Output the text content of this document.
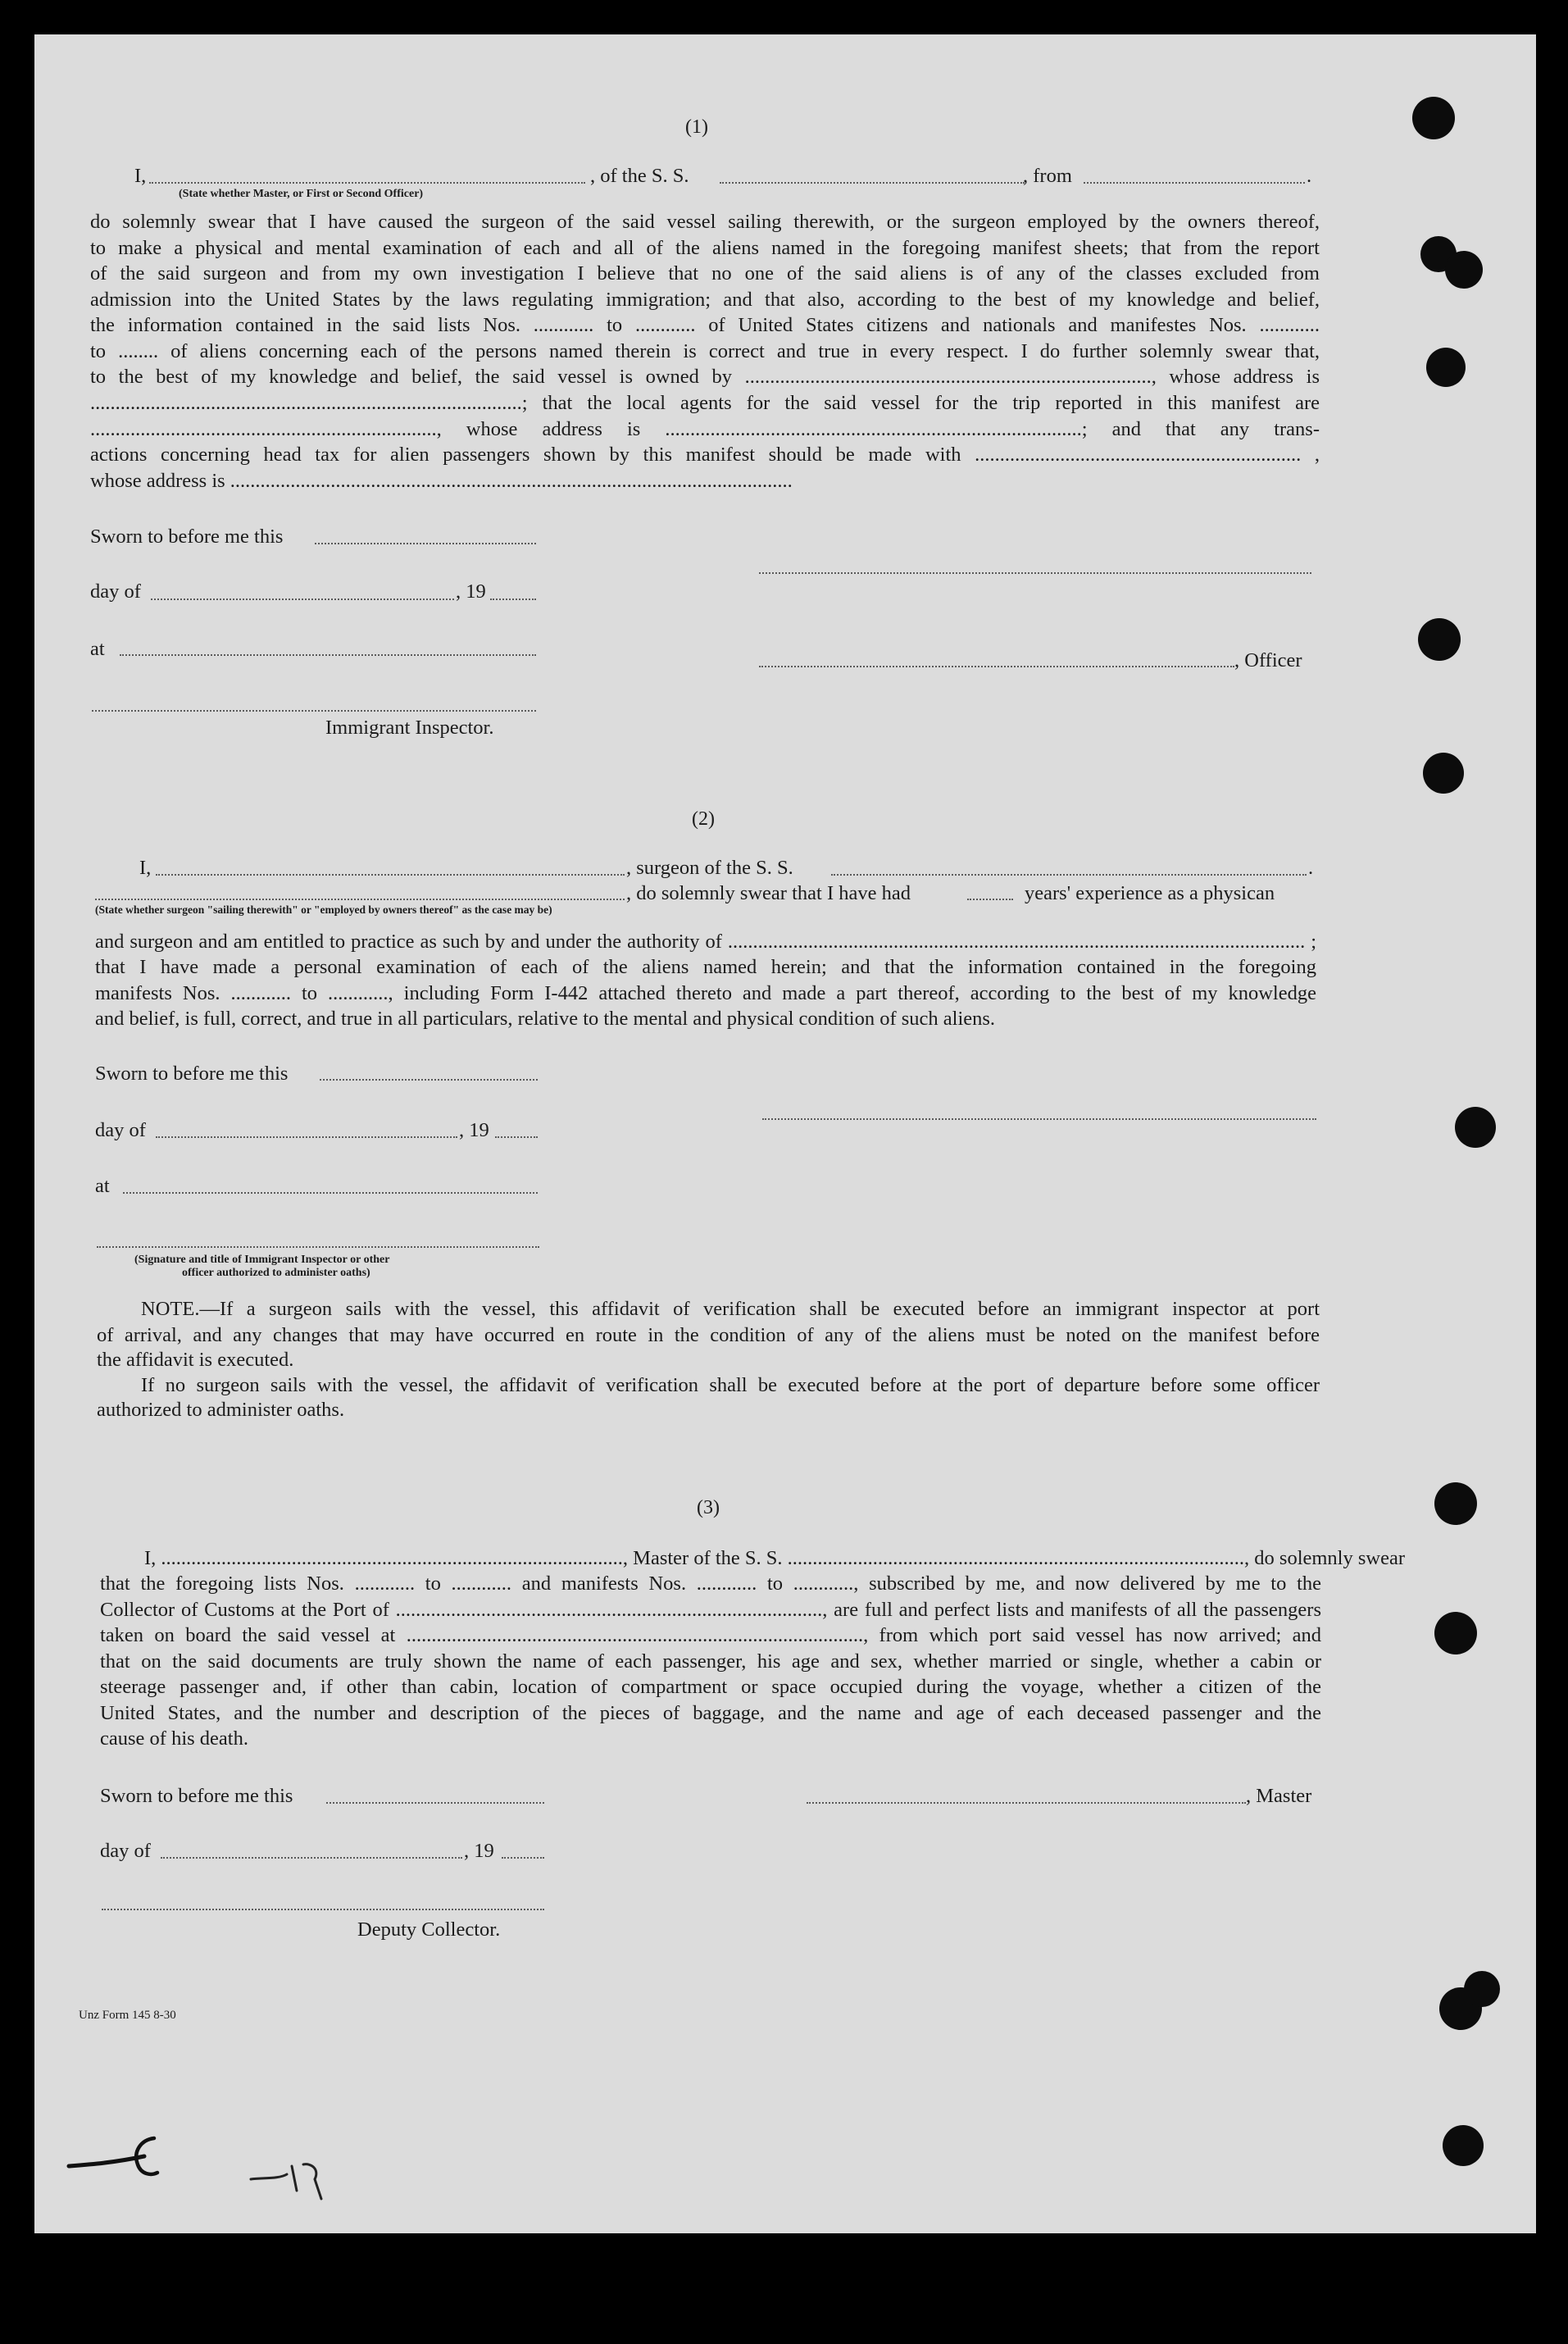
(1)
I,	, of the S. S.	, from	.
(State whether Master, or First or Second Officer)
do solemnly swear that I have caused the surgeon of the said vessel sailing therewith, or the surgeon employed by the owners thereof,
to make a physical and mental examination of each and all of the aliens named in the foregoing manifest sheets; that from the report
of the said surgeon and from my own investigation I believe that no one of the said aliens is of any of the classes excluded from
admission into the United States by the laws regulating immigration; and that also, according to the best of my knowledge and belief,
the information contained in the said lists Nos. ............ to ............ of United States citizens and nationals and manifestes Nos. ............
to ........ of aliens concerning each of the persons named therein is correct and true in every respect. I do further solemnly swear that,
to the best of my knowledge and belief, the said vessel is owned by ................................................................................., whose address is
......................................................................................; that the local agents for the said vessel for the trip reported in this manifest are
....................................................................., whose address is ...................................................................................; and that any trans-
actions concerning head tax for alien passengers shown by this manifest should be made with ................................................................. ,
whose address is ................................................................................................................
Sworn to before me this
day of	, 19
at
, Officer
Immigrant Inspector.
(2)
I,	, surgeon of the S. S.	.
, do solemnly swear that I have had	years' experience as a physican
(State whether surgeon "sailing therewith" or "employed by owners thereof" as the case may be)
and surgeon and am entitled to practice as such by and under the authority of ................................................................................................................... ;
that I have made a personal examination of each of the aliens named herein; and that the information contained in the foregoing
manifests Nos. ............ to ............, including Form I-442 attached thereto and made a part thereof, according to the best of my knowledge
and belief, is full, correct, and true in all particulars, relative to the mental and physical condition of such aliens.
Sworn to before me this
day of	, 19
at
(Signature and title of Immigrant Inspector or other
officer authorized to administer oaths)
NOTE.—If a surgeon sails with the vessel, this affidavit of verification shall be executed before an immigrant inspector at port
of arrival, and any changes that may have occurred en route in the condition of any of the aliens must be noted on the manifest before
the affidavit is executed.
If no surgeon sails with the vessel, the affidavit of verification shall be executed before at the port of departure before some officer
authorized to administer oaths.
(3)
I, ............................................................................................, Master of the S. S. ..........................................................................................., do solemnly swear
that the foregoing lists Nos. ............ to ............ and manifests Nos. ............ to ............, subscribed by me, and now delivered by me to the
Collector of Customs at the Port of ....................................................................................., are full and perfect lists and manifests of all the passengers
taken on board the said vessel at ..........................................................................................., from which port said vessel has now arrived; and
that on the said documents are truly shown the name of each passenger, his age and sex, whether married or single, whether a cabin or
steerage passenger and, if other than cabin, location of compartment or space occupied during the voyage, whether a citizen of the
United States, and the number and description of the pieces of baggage, and the name and age of each deceased passenger and the
cause of his death.
Sworn to before me this	, Master
day of	, 19
Deputy Collector.
Unz Form 145 8-30
